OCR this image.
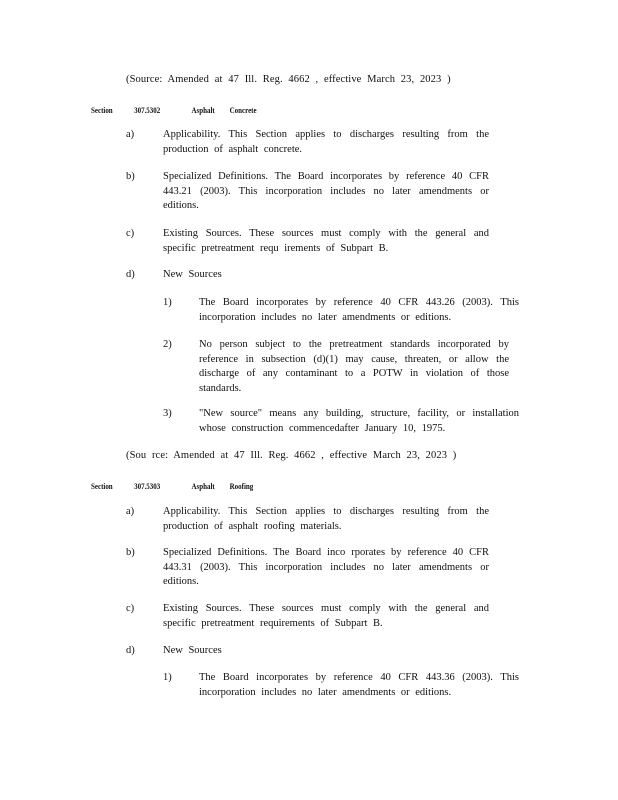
(Source: Amended at 47 Ill. Reg. 4662 , effective March 23, 2023 )
Section	307.5302	Asphalt Concrete
a)	Applicability. This Section applies to discharges resulting from the production of asphalt concrete.
b)	Specialized Definitions. The Board incorporates by reference 40 CFR 443.21 (2003). This incorporation includes no later amendments or editions.
c)	Existing Sources. These sources must comply with the general and specific pretreatment requ irements of Subpart B.
d)	New Sources
1)	The Board incorporates by reference 40 CFR 443.26 (2003). This incorporation includes no later amendments or editions.
2)	No person subject to the pretreatment standards incorporated by reference in subsection (d)(1) may cause, threaten, or allow the discharge of any contaminant to a POTW in violation of those standards.
3)	"New source" means any building, structure, facility, or installation whose construction commencedafter January 10, 1975.
(Sou rce: Amended at 47 Ill. Reg. 4662 , effective March 23, 2023 )
Section	307.5303	Asphalt Roofing
a)	Applicability. This Section applies to discharges resulting from the production of asphalt roofing materials.
b)	Specialized Definitions. The Board inco rporates by reference 40 CFR 443.31 (2003). This incorporation includes no later amendments or editions.
c)	Existing Sources. These sources must comply with the general and specific pretreatment requirements of Subpart B.
d)	New Sources
1)	The Board incorporates by reference 40 CFR 443.36 (2003). This incorporation includes no later amendments or editions.
